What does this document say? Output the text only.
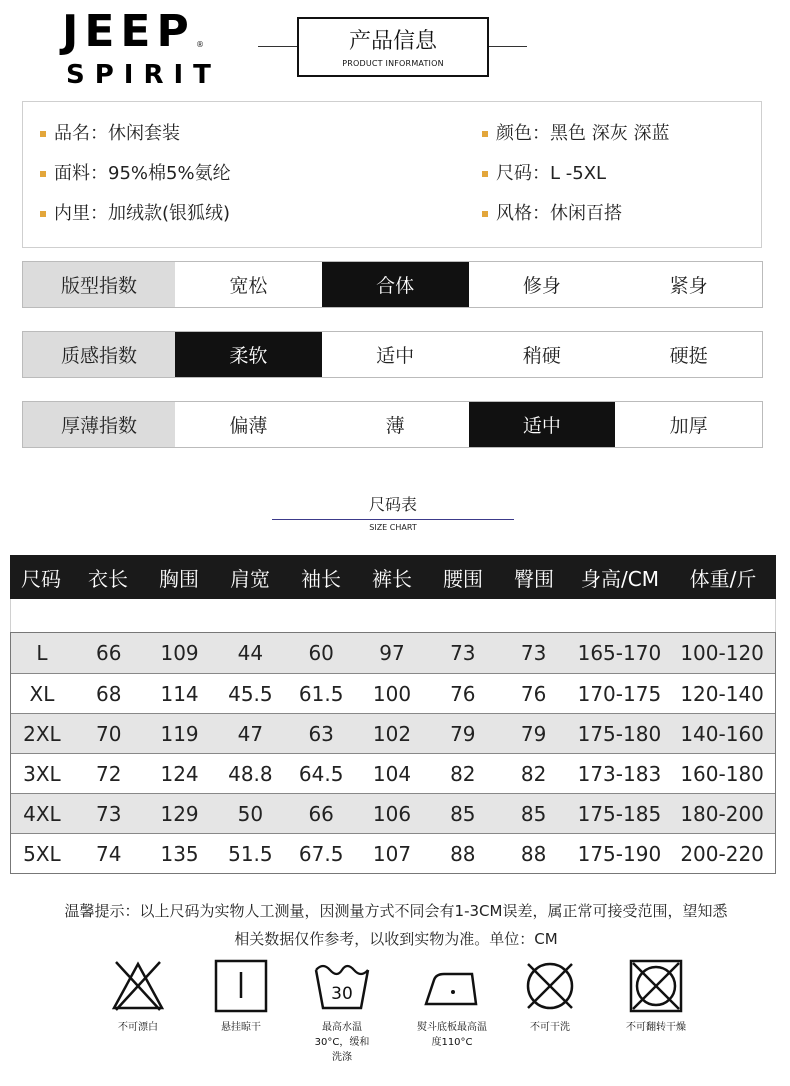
JEEP
SPIRIT
®	产品信息
PRODUCT INFORMATION
品名：休闲套装	颜色：黑色 深灰 深蓝
面料：95%棉5%氨纶	尺码：L -5XL
内里：加绒款(银狐绒)	风格：休闲百搭
版型指数	宽松	合体	修身	紧身
质感指数	柔软	适中	稍硬	硬挺
厚薄指数	偏薄	薄	适中	加厚
尺码表
SIZE CHART
尺码	衣长	胸围	肩宽	袖长	裤长	腰围	臀围	身高/CM	体重/斤
L	66	109	44	60	97	73	73	165-170 100-120
XL	68	114	45.5	61.5	100	76	76	170-175 120-140
2XL	70	119	47	63	102	79	79	175-180 140-160
3XL	72	124	48.8	64.5	104	82	82	173-183 160-180
4XL	73	129	50	66	106	85	85	175-185 180-200
5XL	74	135	51.5	67.5	107	88	88	175-190 200-220
温馨提示：以上尺码为实物人工测量，因测量方式不同会有1-3CM误差，属正常可接受范围，望知悉
相关数据仅作参考，以收到实物为准。单位：CM
不可漂白	悬挂晾干
30
最高水温30°C，缓和洗涤
熨斗底板最高温度110°C
不可干洗	不可翻转干燥
